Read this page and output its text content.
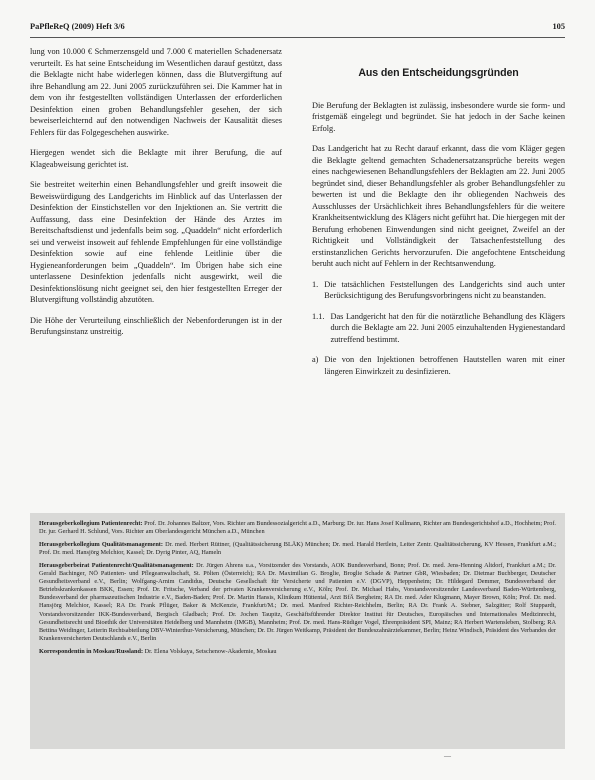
PaPfleReQ (2009) Heft 3/6	105

lung von 10.000 € Schmerzensgeld und 7.000 € materiellen Schadenersatz verurteilt. Es hat seine Entscheidung im Wesentlichen darauf gestützt, dass die Beklagte nicht habe widerlegen können, dass die Blutvergiftung auf ihre Behandlung am 22. Juni 2005 zurückzuführen sei. Die Kammer hat in dem von ihr festgestellten vollständigen Unterlassen der erforderlichen Desinfektion einen groben Behandlungsfehler gesehen, der sich beweiserleichternd auf den notwendigen Nachweis der Kausalität dieses Fehlers für das Folgegeschehen auswirke.

Hiergegen wendet sich die Beklagte mit ihrer Berufung, die auf Klageabweisung gerichtet ist.

Sie bestreitet weiterhin einen Behandlungsfehler und greift insoweit die Beweiswürdigung des Landgerichts im Hinblick auf das Unterlassen der Desinfektion der Einstichstellen vor den Injektionen an. Sie vertritt die Auffassung, dass eine Desinfektion der Hände des Arztes im Bereitschaftsdienst und jedenfalls beim sog. „Quaddeln“ nicht erforderlich sei und verweist insoweit auf fehlende Empfehlungen für eine vollständige Desinfektion sowie auf eine fehlende Leitlinie über die Hygieneanforderungen beim „Quaddeln“. Im Übrigen habe sich eine unterlassene Desinfektion jedenfalls nicht ausgewirkt, weil die Desinfektionslösung nicht geeignet sei, den hier festgestellten Erreger der Blutvergiftung vollständig abzutöten.

Die Höhe der Verurteilung einschließlich der Nebenforderungen ist in der Berufungsinstanz unstreitig.

Aus den Entscheidungsgründen

Die Berufung der Beklagten ist zulässig, insbesondere wurde sie form- und fristgemäß eingelegt und begründet. Sie hat jedoch in der Sache keinen Erfolg.

Das Landgericht hat zu Recht darauf erkannt, dass die vom Kläger gegen die Beklagte geltend gemachten Schadenersatzansprüche bereits wegen eines nachgewiesenen Behandlungsfehlers der Beklagten am 22. Juni 2005 begründet sind, dieser Behandlungsfehler als grober Behandlungsfehler zu bewerten ist und die Beklagte den ihr obliegenden Nachweis des Ausschlusses der Ursächlichkeit ihres Behandlungsfehlers für die weitere Krankheitsentwicklung des Klägers nicht geführt hat. Die hiergegen mit der Berufung erhobenen Einwendungen sind nicht geeignet, Zweifel an der Richtigkeit und Vollständigkeit der Tatsachenfeststellung des erstinstanzlichen Gerichts hervorzurufen. Die angefochtene Entscheidung beruht auch nicht auf Fehlern in der Rechtsanwendung.

1. Die tatsächlichen Feststellungen des Landgerichts sind auch unter Berücksichtigung des Berufungsvorbringens nicht zu beanstanden.

1.1. Das Landgericht hat den für die notärztliche Behandlung des Klägers durch die Beklagte am 22. Juni 2005 einzuhaltenden Hygienestandard zutreffend bestimmt.

a) Die von den Injektionen betroffenen Hautstellen waren mit einer längeren Einwirkzeit zu desinfizieren.

Herausgeberkollegium Patientenrecht: Prof. Dr. Johannes Baltzer, Vors. Richter am Bundessozialgericht a.D., Marburg; Dr. iur. Hans Josef Kullmann, Richter am Bundesgerichtshof a.D., Hochheim; Prof. Dr. jur. Gerhard H. Schlund, Vors. Richter am Oberlandesgericht München a.D., München

Herausgeberkollegium Qualitätsmanagement: Dr. med. Herbert Rüttner, (Qualitätssicherung BLÄK) München; Dr. med. Harald Hertlein, Leiter Zentr. Qualitätssicherung, KV Hessen, Frankfurt a.M.; Prof. Dr. med. Hansjörg Melchior, Kassel; Dr. Dyrig Pinter, AQ, Hameln

Herausgeberbeirat Patientenrecht/Qualitätsmanagement: Dr. Jürgen Ahrens u.a., Vorsitzender des Vorstands, AOK Bundesverband, Bonn; Prof. Dr. med. Jens-Henning Altdorf, Frankfurt a.M.; Dr. Gerald Bachinger, NÖ Patienten- und Pflegeanwaltschaft, St. Pölten (Österreich); RA Dr. Maximilian G. Broglie, Broglie Schade & Partner GbR, Wiesbaden; Dr. Dietmar Buchberger, Deutscher Gesundheitsverband e.V., Berlin; Wolfgang-Arnim Candidus, Deutsche Gesellschaft für Versicherte und Patienten e.V. (DGVP), Heppenheim; Dr. Hildegard Demmer, Bundesverband der Betriebskrankenkassen BKK, Essen; Prof. Dr. Fritsche, Verband der privaten Krankenversicherung e.V., Köln; Prof. Dr. Michael Habs, Vorstandsvorsitzender Landesverband Baden-Württemberg, Bundesverband der pharmazeutischen Industrie e.V., Baden-Baden; Prof. Dr. Martin Hansis, Klinikum Hüttental, Arzt BfÄ Bergheim; RA Dr. med. Ader Klugmann, Mayer Brown, Köln; Prof. Dr. med. Hansjörg Melchior, Kassel; RA Dr. Frank Pflüger, Baker & McKenzie, Frankfurt/M.; Dr. med. Manfred Richter-Reichhelm, Berlin; RA Dr. Frank A. Stebner, Salzgitter; Rolf Stuppardt, Vorstandsvorsitzender IKK-Bundesverband, Bergisch Gladbach; Prof. Dr. Jochen Taupitz, Geschäftsführender Direktor Institut für Deutsches, Europäisches und Internationales Medizinrecht, Gesundheitsrecht und Bioethik der Universitäten Heidelberg und Mannheim (IMGB), Mannheim; Prof. Dr. med. Hans-Rüdiger Vogel, Ehrenpräsident SPI, Mainz; RA Herbert Wartensleben, Stolberg; RA Bettina Weidinger, Leiterin Rechtsabteilung DBV-Winterthur-Versicherung, München; Dr. Dr. Jürgen Weitkamp, Präsident der Bundeszahnärztekammer, Berlin; Heinz Windisch, Präsident des Verbandes der Krankenversicherten Deutschlands e.V., Berlin

Korrespondentin in Moskau/Russland: Dr. Elena Volskaya, Setschenow-Akademie, Moskau

—
